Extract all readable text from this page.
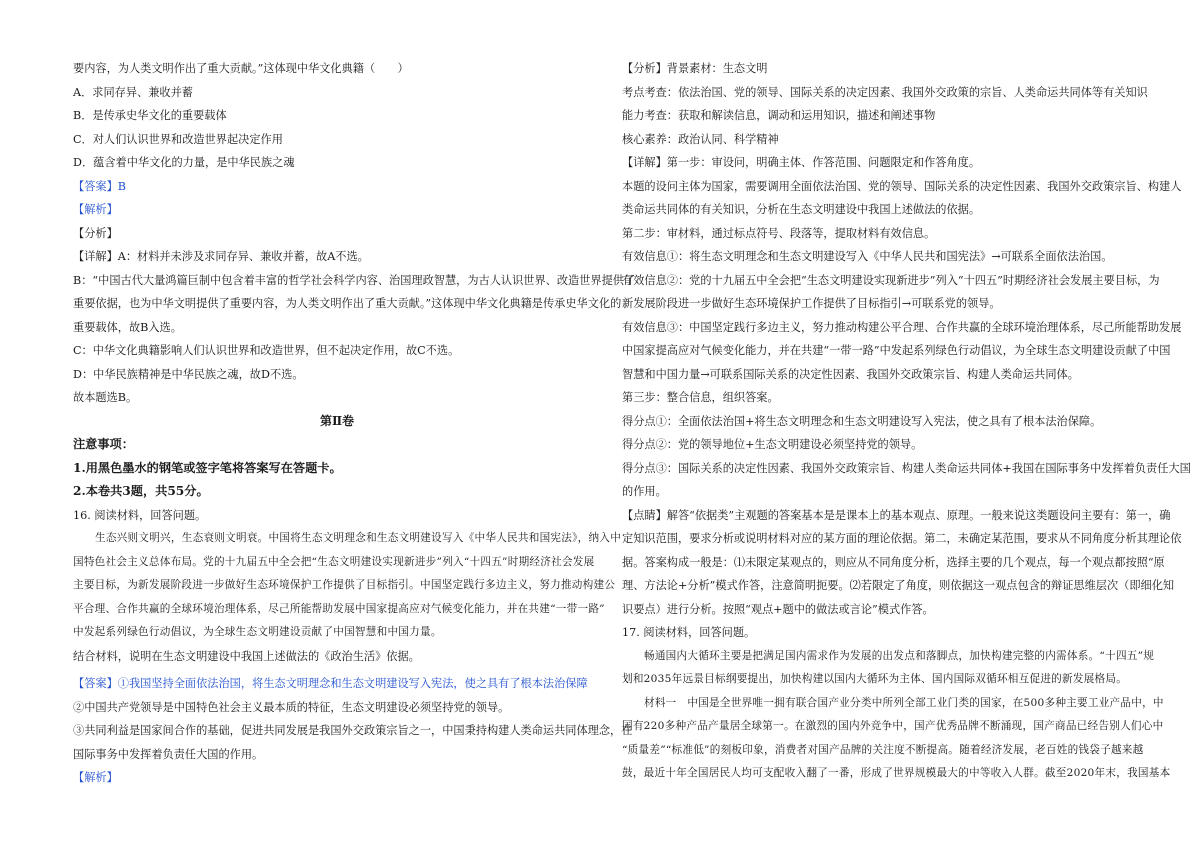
要内容，为人类文明作出了重大贡献。”这体现中华文化典籍（　　）
A．求同存异、兼收并蓄
B．是传承史华文化的重要载体
C．对人们认识世界和改造世界起决定作用
D．蕴含着中华文化的力量，是中华民族之魂
【答案】B
【解析】
【分析】
【详解】A：材料并未涉及求同存异、兼收并蓄，故A不选。
B：“中国古代大量鸿篇巨制中包含着丰富的哲学社会科学内容、治国理政智慧，为古人认识世界、改造世界提供了
重要依据，也为中华文明提供了重要内容，为人类文明作出了重大贡献。”这体现中华文化典籍是传承史华文化的
重要载体，故B入选。
C：中华文化典籍影响人们认识世界和改造世界，但不起决定作用，故C不选。
D：中华民族精神是中华民族之魂，故D不选。
故本题选B。
第Ⅱ卷
注意事项：
1.用黑色墨水的钢笔或签字笔将答案写在答题卡。
2.本卷共3题，共55分。
16. 阅读材料，回答问题。
生态兴则文明兴，生态衰则文明衰。中国将生态文明理念和生态文明建设写入《中华人民共和国宪法》，纳入中
国特色社会主义总体布局。党的十九届五中全会把“生态文明建设实现新进步”列入“十四五”时期经济社会发展
主要目标，为新发展阶段进一步做好生态环境保护工作提供了目标指引。中国坚定践行多边主义，努力推动构建公
平合理、合作共赢的全球环境治理体系，尽己所能帮助发展中国家提高应对气候变化能力，并在共建“一带一路”
中发起系列绿色行动倡议，为全球生态文明建设贡献了中国智慧和中国力量。
结合材料，说明在生态文明建设中我国上述做法的《政治生活》依据。
【答案】①我国坚持全面依法治国，将生态文明理念和生态文明建设写入宪法，使之具有了根本法治保障
②中国共产党领导是中国特色社会主义最本质的特征，生态文明建设必须坚持党的领导。
③共同利益是国家间合作的基础，促进共同发展是我国外交政策宗旨之一，中国秉持构建人类命运共同体理念，在
国际事务中发挥着负责任大国的作用。
【解析】
【分析】背景素材：生态文明
考点考查：依法治国、党的领导、国际关系的决定因素、我国外交政策的宗旨、人类命运共同体等有关知识
能力考查：获取和解读信息，调动和运用知识，描述和阐述事物
核心素养：政治认同、科学精神
【详解】第一步：审设问，明确主体、作答范围、问题限定和作答角度。
本题的设问主体为国家，需要调用全面依法治国、党的领导、国际关系的决定性因素、我国外交政策宗旨、构建人
类命运共同体的有关知识，分析在生态文明建设中我国上述做法的依据。
第二步：审材料，通过标点符号、段落等，提取材料有效信息。
有效信息①：将生态文明理念和生态文明建设写入《中华人民共和国宪法》→可联系全面依法治国。
有效信息②：党的十九届五中全会把“生态文明建设实现新进步”列入“十四五”时期经济社会发展主要目标，为
新发展阶段进一步做好生态环境保护工作提供了目标指引→可联系党的领导。
有效信息③：中国坚定践行多边主义，努力推动构建公平合理、合作共赢的全球环境治理体系，尽己所能帮助发展
中国家提高应对气候变化能力，并在共建“一带一路”中发起系列绿色行动倡议，为全球生态文明建设贡献了中国
智慧和中国力量→可联系国际关系的决定性因素、我国外交政策宗旨、构建人类命运共同体。
第三步：整合信息，组织答案。
得分点①：全面依法治国+将生态文明理念和生态文明建设写入宪法，使之具有了根本法治保障。
得分点②：党的领导地位+生态文明建设必须坚持党的领导。
得分点③：国际关系的决定性因素、我国外交政策宗旨、构建人类命运共同体+我国在国际事务中发挥着负责任大国
的作用。
【点睛】解答“依据类”主观题的答案基本是是课本上的基本观点、原理。一般来说这类题设问主要有：第一，确
定知识范围，要求分析或说明材料对应的某方面的理论依据。第二，未确定某范围，要求从不同角度分析其理论依
据。答案构成一般是：⑴未限定某观点的，则应从不同角度分析，选择主要的几个观点，每一个观点都按照“原
理、方法论+分析”模式作答，注意简明扼要。⑵若限定了角度，则依据这一观点包含的辩证思维层次（即细化知
识要点）进行分析。按照“观点+题中的做法或言论”模式作答。
17. 阅读材料，回答问题。
畅通国内大循环主要是把满足国内需求作为发展的出发点和落脚点，加快构建完整的内需体系。“十四五”规
划和2035年远景目标纲要提出，加快构建以国内大循环为主体、国内国际双循环相互促进的新发展格局。
材料一　中国是全世界唯一拥有联合国产业分类中所列全部工业门类的国家，在500多种主要工业产品中，中
国有220多种产品产量居全球第一。在激烈的国内外竞争中，国产优秀品牌不断涌现，国产商品已经告别人们心中
“质量差”“标准低”的刻板印象，消费者对国产品牌的关注度不断提高。随着经济发展，老百姓的钱袋子越来越
鼓，最近十年全国居民人均可支配收入翻了一番，形成了世界规模最大的中等收入人群。截至2020年末，我国基本
